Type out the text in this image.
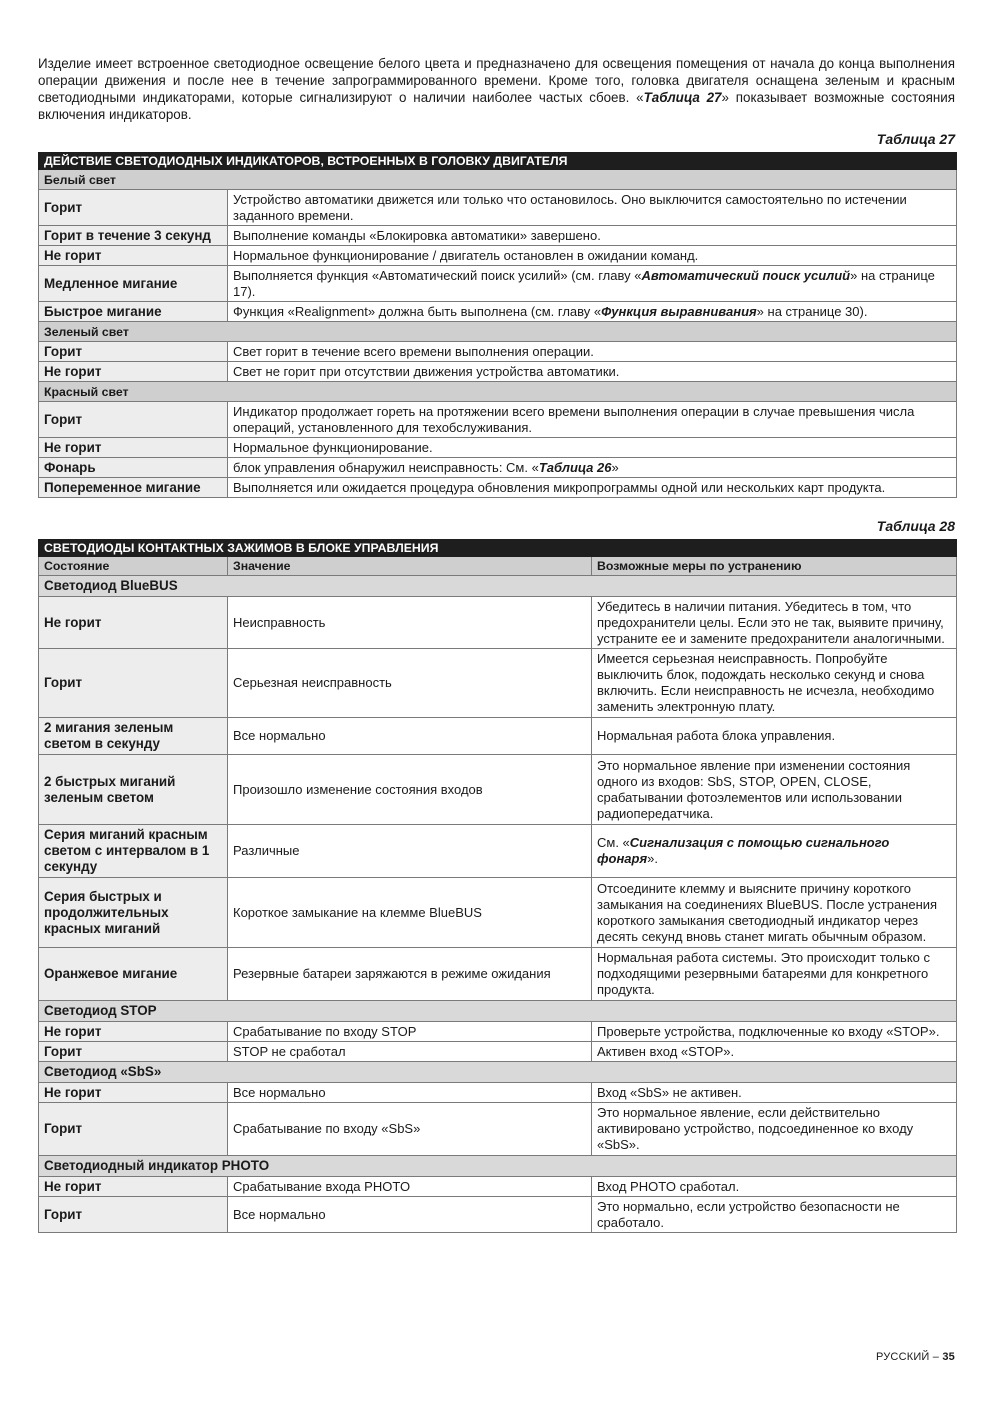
Изделие имеет встроенное светодиодное освещение белого цвета и предназначено для освещения помещения от начала до конца выполнения операции движения и после нее в течение запрограммированного времени. Кроме того, головка двигателя оснащена зеленым и красным светодиодными индикаторами, которые сигнализируют о наличии наиболее частых сбоев. «Таблица 27» показывает возможные состояния включения индикаторов.
Таблица 27
ДЕЙСТВИЕ СВЕТОДИОДНЫХ ИНДИКАТОРОВ, ВСТРОЕННЫХ В ГОЛОВКУ ДВИГАТЕЛЯ	
Белый свет	
Горит	Устройство автоматики движется или только что остановилось. Оно выключится самостоятельно по истечении заданного времени.
Горит в течение 3 секунд	Выполнение команды «Блокировка автоматики» завершено.
Не горит	Нормальное функционирование / двигатель остановлен в ожидании команд.
Медленное мигание	Выполняется функция «Автоматический поиск усилий» (см. главу «Автоматический поиск усилий» на странице 17).
Быстрое мигание	Функция «Realignment» должна быть выполнена (см. главу «Функция выравнивания» на странице 30).
Зеленый свет	
Горит	Свет горит в течение всего времени выполнения операции.
Не горит	Свет не горит при отсутствии движения устройства автоматики.
Красный свет	
Горит	Индикатор продолжает гореть на протяжении всего времени выполнения операции в случае превышения числа операций, установленного для техобслуживания.
Не горит	Нормальное функционирование.
Фонарь	блок управления обнаружил неисправность: См. «Таблица 26»
Попеременное мигание	Выполняется или ожидается процедура обновления микропрограммы одной или нескольких карт продукта.
Таблица 28
СВЕТОДИОДЫ КОНТАКТНЫХ ЗАЖИМОВ В БЛОКЕ УПРАВЛЕНИЯ		
Состояние	Значение	Возможные меры по устранению
Светодиод BlueBUS		
Не горит	Неисправность	Убедитесь в наличии питания. Убедитесь в том, что предохранители целы. Если это не так, выявите причину, устраните ее и замените предохранители аналогичными.
Горит	Серьезная неисправность	Имеется серьезная неисправность. Попробуйте выключить блок, подождать несколько секунд и снова включить. Если неисправность не исчезла, необходимо заменить электронную плату.
2 мигания зеленым светом в секунду	Все нормально	Нормальная работа блока управления.
2 быстрых миганий зеленым светом	Произошло изменение состояния входов	Это нормальное явление при изменении состояния одного из входов: SbS, STOP, OPEN, CLOSE, срабатывании фотоэлементов или использовании радиопередатчика.
Серия миганий красным светом с интервалом в 1 секунду	Различные	См. «Сигнализация с помощью сигнального фонаря».
Серия быстрых и продолжительных красных миганий	Короткое замыкание на клемме BlueBUS	Отсоедините клемму и выясните причину короткого замыкания на соединениях BlueBUS. После устранения короткого замыкания светодиодный индикатор через десять секунд вновь станет мигать обычным образом.
Оранжевое мигание	Резервные батареи заряжаются в режиме ожидания	Нормальная работа системы. Это происходит только с подходящими резервными батареями для конкретного продукта.
Светодиод STOP		
Не горит	Срабатывание по входу STOP	Проверьте устройства, подключенные ко входу «STOP».
Горит	STOP не сработал	Активен вход «STOP».
Светодиод «SbS»		
Не горит	Все нормально	Вход «SbS» не активен.
Горит	Срабатывание по входу «SbS»	Это нормальное явление, если действительно активировано устройство, подсоединенное ко входу «SbS».
Светодиодный индикатор PHOTO		
Не горит	Срабатывание входа PHOTO	Вход PHOTO сработал.
Горит	Все нормально	Это нормально, если устройство безопасности не сработало.
РУССКИЙ – 35
